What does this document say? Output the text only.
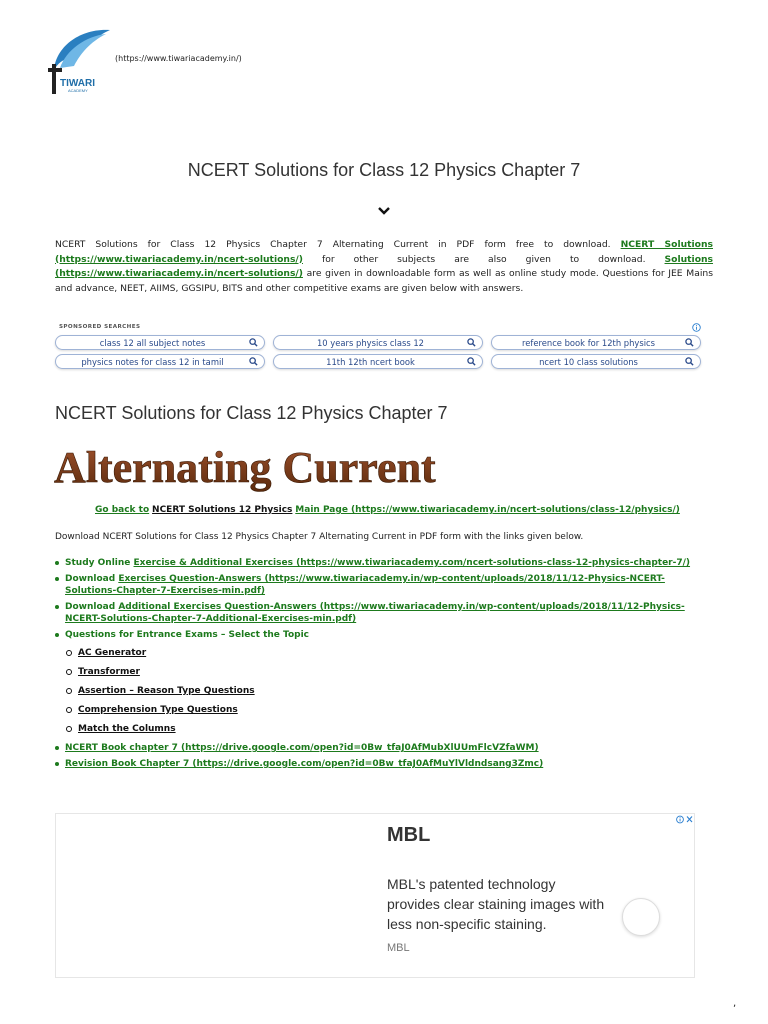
TIWARI
ACADEMY
(https://www.tiwariacademy.in/)
NCERT Solutions for Class 12 Physics Chapter 7
NCERT Solutions for Class 12 Physics Chapter 7 Alternating Current in PDF form free to download. NCERT Solutions (https://www.tiwariacademy.in/ncert-solutions/) for other subjects are also given to download. Solutions (https://www.tiwariacademy.in/ncert-solutions/) are given in downloadable form as well as online study mode. Questions for JEE Mains and advance, NEET, AIIMS, GGSIPU, BITS and other competitive exams are given below with answers.
SPONSORED SEARCHES
class 12 all subject notes	10 years physics class 12	reference book for 12th physics
physics notes for class 12 in tamil	11th 12th ncert book	ncert 10 class solutions
NCERT Solutions for Class 12 Physics Chapter 7
Alternating Current
Go back to NCERT Solutions 12 Physics Main Page (https://www.tiwariacademy.in/ncert-solutions/class-12/physics/)
Download NCERT Solutions for Class 12 Physics Chapter 7 Alternating Current in PDF form with the links given below.
Study Online Exercise & Additional Exercises (https://www.tiwariacademy.com/ncert-solutions-class-12-physics-chapter-7/)
Download Exercises Question-Answers (https://www.tiwariacademy.in/wp-content/uploads/2018/11/12-Physics-NCERT-Solutions-Chapter-7-Exercises-min.pdf)
Download Additional Exercises Question-Answers (https://www.tiwariacademy.in/wp-content/uploads/2018/11/12-Physics-NCERT-Solutions-Chapter-7-Additional-Exercises-min.pdf)
Questions for Entrance Exams – Select the Topic
AC Generator
Transformer
Assertion – Reason Type Questions
Comprehension Type Questions
Match the Columns
NCERT Book chapter 7 (https://drive.google.com/open?id=0Bw_tfaJ0AfMubXlUUmFlcVZfaWM)
Revision Book Chapter 7 (https://drive.google.com/open?id=0Bw_tfaJ0AfMuYlVldndsang3Zmc)
MBL
MBL's patented technology provides clear staining images with less non-specific staining.
MBL
,
